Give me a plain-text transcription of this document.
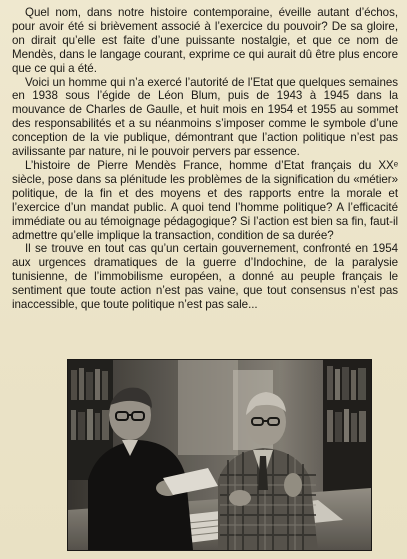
Quel nom, dans notre histoire contemporaine, éveille autant d’échos, pour avoir été si brièvement associé à l’exercice du pouvoir? De sa gloire, on dirait qu’elle est faite d’une puissante nostalgie, et que ce nom de Mendès, dans le langage courant, exprime ce qui aurait dû être plus encore que ce qui a été.

Voici un homme qui n’a exercé l’autorité de l’Etat que quelques semaines en 1938 sous l’égide de Léon Blum, puis de 1943 à 1945 dans la mouvance de Charles de Gaulle, et huit mois en 1954 et 1955 au sommet des responsabilités et a su néanmoins s’imposer comme le symbole d’une conception de la vie publique, démontrant que l’action politique n’est pas avilissante par nature, ni le pouvoir pervers par essence.

L’histoire de Pierre Mendès France, homme d’Etat français du XXᵉ siècle, pose dans sa plénitude les problèmes de la signification du «métier» politique, de la fin et des moyens et des rapports entre la morale et l’exercice d’un mandat public. A quoi tend l’homme politique? A l’efficacité immédiate ou au témoignage pédagogique? Si l’action est bien sa fin, faut-il admettre qu’elle implique la transaction, condition de sa durée?

Il se trouve en tout cas qu’un certain gouvernement, confronté en 1954 aux urgences dramatiques de la guerre d’Indochine, de la paralysie tunisienne, de l’immobilisme européen, a donné au peuple français le sentiment que toute action n’est pas vaine, que tout consensus n’est pas inaccessible, que toute politique n’est pas sale...
